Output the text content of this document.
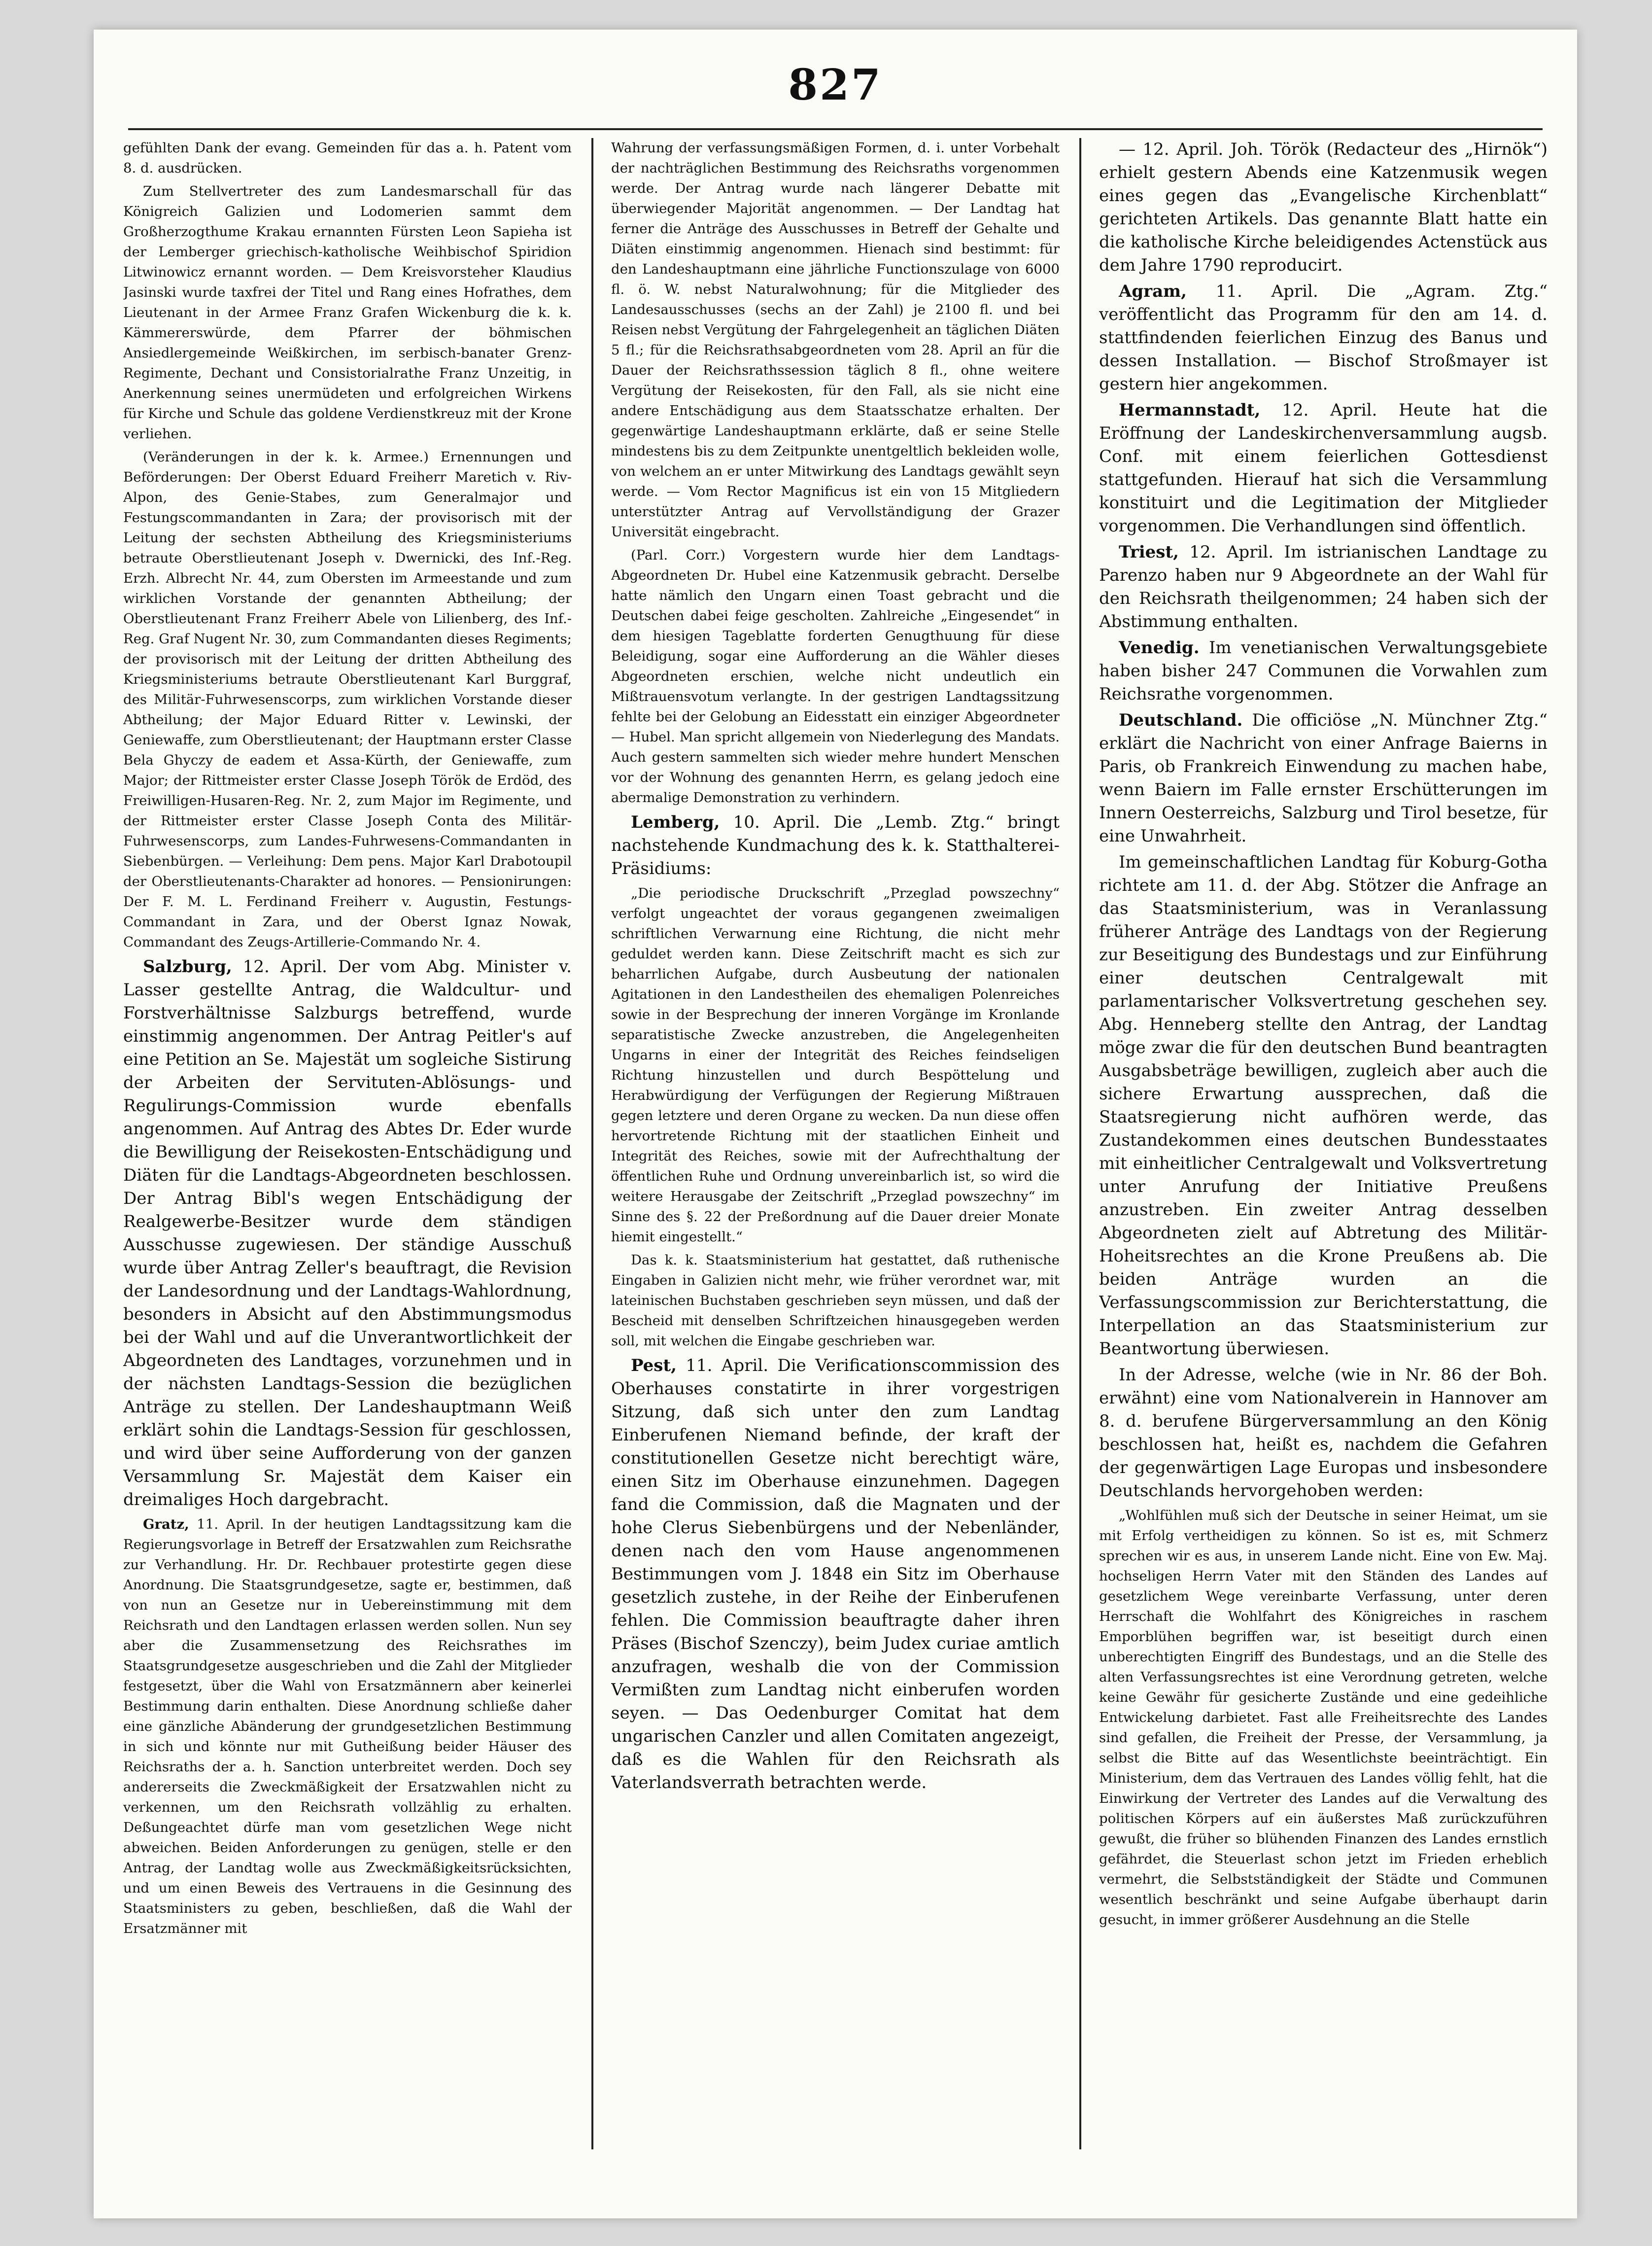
827

gefühlten Dank der evang. Gemeinden für das a. h. Patent vom 8. d. ausdrücken.

Zum Stellvertreter des zum Landesmarschall für das Königreich Galizien und Lodomerien sammt dem Großherzogthume Krakau ernannten Fürsten Leon Sapieha ist der Lemberger griechisch-katholische Weihbischof Spiridion Litwinowicz ernannt worden. — Dem Kreisvorsteher Klaudius Jasinski wurde taxfrei der Titel und Rang eines Hofrathes, dem Lieutenant in der Armee Franz Grafen Wickenburg die k. k. Kämmererswürde, dem Pfarrer der böhmischen Ansiedlergemeinde Weißkirchen, im serbisch-banater Grenz-Regimente, Dechant und Consistorialrathe Franz Unzeitig, in Anerkennung seines unermüdeten und erfolgreichen Wirkens für Kirche und Schule das goldene Verdienstkreuz mit der Krone verliehen.

(Veränderungen in der k. k. Armee.) Ernennungen und Beförderungen: Der Oberst Eduard Freiherr Maretich v. Riv-Alpon, des Genie-Stabes, zum Generalmajor und Festungscommandanten in Zara; der provisorisch mit der Leitung der sechsten Abtheilung des Kriegsministeriums betraute Oberstlieutenant Joseph v. Dwernicki, des Inf.-Reg. Erzh. Albrecht Nr. 44, zum Obersten im Armeestande und zum wirklichen Vorstande der genannten Abtheilung; der Oberstlieutenant Franz Freiherr Abele von Lilienberg, des Inf.-Reg. Graf Nugent Nr. 30, zum Commandanten dieses Regiments; der provisorisch mit der Leitung der dritten Abtheilung des Kriegsministeriums betraute Oberstlieutenant Karl Burggraf, des Militär-Fuhrwesenscorps, zum wirklichen Vorstande dieser Abtheilung; der Major Eduard Ritter v. Lewinski, der Geniewaffe, zum Oberstlieutenant; der Hauptmann erster Classe Bela Ghyczy de eadem et Assa-Kürth, der Geniewaffe, zum Major; der Rittmeister erster Classe Joseph Török de Erdöd, des Freiwilligen-Husaren-Reg. Nr. 2, zum Major im Regimente, und der Rittmeister erster Classe Joseph Conta des Militär-Fuhrwesenscorps, zum Landes-Fuhrwesens-Commandanten in Siebenbürgen. — Verleihung: Dem pens. Major Karl Drabotoupil der Oberstlieutenants-Charakter ad honores. — Pensionirungen: Der F. M. L. Ferdinand Freiherr v. Augustin, Festungs-Commandant in Zara, und der Oberst Ignaz Nowak, Commandant des Zeugs-Artillerie-Commando Nr. 4.

Salzburg, 12. April. Der vom Abg. Minister v. Lasser gestellte Antrag, die Waldcultur- und Forstverhältnisse Salzburgs betreffend, wurde einstimmig angenommen. Der Antrag Peitler's auf eine Petition an Se. Majestät um sogleiche Sistirung der Arbeiten der Servituten-Ablösungs- und Regulirungs-Commission wurde ebenfalls angenommen. Auf Antrag des Abtes Dr. Eder wurde die Bewilligung der Reisekosten-Entschädigung und Diäten für die Landtags-Abgeordneten beschlossen. Der Antrag Bibl's wegen Entschädigung der Realgewerbe-Besitzer wurde dem ständigen Ausschusse zugewiesen. Der ständige Ausschuß wurde über Antrag Zeller's beauftragt, die Revision der Landesordnung und der Landtags-Wahlordnung, besonders in Absicht auf den Abstimmungsmodus bei der Wahl und auf die Unverantwortlichkeit der Abgeordneten des Landtages, vorzunehmen und in der nächsten Landtags-Session die bezüglichen Anträge zu stellen. Der Landeshauptmann Weiß erklärt sohin die Landtags-Session für geschlossen, und wird über seine Aufforderung von der ganzen Versammlung Sr. Majestät dem Kaiser ein dreimaliges Hoch dargebracht.

Gratz, 11. April. In der heutigen Landtagssitzung kam die Regierungsvorlage in Betreff der Ersatzwahlen zum Reichsrathe zur Verhandlung. Hr. Dr. Rechbauer protestirte gegen diese Anordnung. Die Staatsgrundgesetze, sagte er, bestimmen, daß von nun an Gesetze nur in Uebereinstimmung mit dem Reichsrath und den Landtagen erlassen werden sollen. Nun sey aber die Zusammensetzung des Reichsrathes im Staatsgrundgesetze ausgeschrieben und die Zahl der Mitglieder festgesetzt, über die Wahl von Ersatzmännern aber keinerlei Bestimmung darin enthalten. Diese Anordnung schließe daher eine gänzliche Abänderung der grundgesetzlichen Bestimmung in sich und könnte nur mit Gutheißung beider Häuser des Reichsraths der a. h. Sanction unterbreitet werden. Doch sey andererseits die Zweckmäßigkeit der Ersatzwahlen nicht zu verkennen, um den Reichsrath vollzählig zu erhalten. Deßungeachtet dürfe man vom gesetzlichen Wege nicht abweichen. Beiden Anforderungen zu genügen, stelle er den Antrag, der Landtag wolle aus Zweckmäßigkeitsrücksichten, und um einen Beweis des Vertrauens in die Gesinnung des Staatsministers zu geben, beschließen, daß die Wahl der Ersatzmänner mit

Wahrung der verfassungsmäßigen Formen, d. i. unter Vorbehalt der nachträglichen Bestimmung des Reichsraths vorgenommen werde. Der Antrag wurde nach längerer Debatte mit überwiegender Majorität angenommen. — Der Landtag hat ferner die Anträge des Ausschusses in Betreff der Gehalte und Diäten einstimmig angenommen. Hienach sind bestimmt: für den Landeshauptmann eine jährliche Functionszulage von 6000 fl. ö. W. nebst Naturalwohnung; für die Mitglieder des Landesausschusses (sechs an der Zahl) je 2100 fl. und bei Reisen nebst Vergütung der Fahrgelegenheit an täglichen Diäten 5 fl.; für die Reichsrathsabgeordneten vom 28. April an für die Dauer der Reichsrathssession täglich 8 fl., ohne weitere Vergütung der Reisekosten, für den Fall, als sie nicht eine andere Entschädigung aus dem Staatsschatze erhalten. Der gegenwärtige Landeshauptmann erklärte, daß er seine Stelle mindestens bis zu dem Zeitpunkte unentgeltlich bekleiden wolle, von welchem an er unter Mitwirkung des Landtags gewählt seyn werde. — Vom Rector Magnificus ist ein von 15 Mitgliedern unterstützter Antrag auf Vervollständigung der Grazer Universität eingebracht.

(Parl. Corr.) Vorgestern wurde hier dem Landtags-Abgeordneten Dr. Hubel eine Katzenmusik gebracht. Derselbe hatte nämlich den Ungarn einen Toast gebracht und die Deutschen dabei feige gescholten. Zahlreiche „Eingesendet“ in dem hiesigen Tageblatte forderten Genugthuung für diese Beleidigung, sogar eine Aufforderung an die Wähler dieses Abgeordneten erschien, welche nicht undeutlich ein Mißtrauensvotum verlangte. In der gestrigen Landtagssitzung fehlte bei der Gelobung an Eidesstatt ein einziger Abgeordneter — Hubel. Man spricht allgemein von Niederlegung des Mandats. Auch gestern sammelten sich wieder mehre hundert Menschen vor der Wohnung des genannten Herrn, es gelang jedoch eine abermalige Demonstration zu verhindern.

Lemberg, 10. April. Die „Lemb. Ztg.“ bringt nachstehende Kundmachung des k. k. Statthalterei-Präsidiums:

„Die periodische Druckschrift „Przeglad powszechny“ verfolgt ungeachtet der voraus gegangenen zweimaligen schriftlichen Verwarnung eine Richtung, die nicht mehr geduldet werden kann. Diese Zeitschrift macht es sich zur beharrlichen Aufgabe, durch Ausbeutung der nationalen Agitationen in den Landestheilen des ehemaligen Polenreiches sowie in der Besprechung der inneren Vorgänge im Kronlande separatistische Zwecke anzustreben, die Angelegenheiten Ungarns in einer der Integrität des Reiches feindseligen Richtung hinzustellen und durch Bespöttelung und Herabwürdigung der Verfügungen der Regierung Mißtrauen gegen letztere und deren Organe zu wecken. Da nun diese offen hervortretende Richtung mit der staatlichen Einheit und Integrität des Reiches, sowie mit der Aufrechthaltung der öffentlichen Ruhe und Ordnung unvereinbarlich ist, so wird die weitere Herausgabe der Zeitschrift „Przeglad powszechny“ im Sinne des §. 22 der Preßordnung auf die Dauer dreier Monate hiemit eingestellt.“

Das k. k. Staatsministerium hat gestattet, daß ruthenische Eingaben in Galizien nicht mehr, wie früher verordnet war, mit lateinischen Buchstaben geschrieben seyn müssen, und daß der Bescheid mit denselben Schriftzeichen hinausgegeben werden soll, mit welchen die Eingabe geschrieben war.

Pest, 11. April. Die Verificationscommission des Oberhauses constatirte in ihrer vorgestrigen Sitzung, daß sich unter den zum Landtag Einberufenen Niemand befinde, der kraft der constitutionellen Gesetze nicht berechtigt wäre, einen Sitz im Oberhause einzunehmen. Dagegen fand die Commission, daß die Magnaten und der hohe Clerus Siebenbürgens und der Nebenländer, denen nach den vom Hause angenommenen Bestimmungen vom J. 1848 ein Sitz im Oberhause gesetzlich zustehe, in der Reihe der Einberufenen fehlen. Die Commission beauftragte daher ihren Präses (Bischof Szenczy), beim Judex curiae amtlich anzufragen, weshalb die von der Commission Vermißten zum Landtag nicht einberufen worden seyen. — Das Oedenburger Comitat hat dem ungarischen Canzler und allen Comitaten angezeigt, daß es die Wahlen für den Reichsrath als Vaterlandsverrath betrachten werde.

— 12. April. Joh. Török (Redacteur des „Hirnök“) erhielt gestern Abends eine Katzenmusik wegen eines gegen das „Evangelische Kirchenblatt“ gerichteten Artikels. Das genannte Blatt hatte ein die katholische Kirche beleidigendes Actenstück aus dem Jahre 1790 reproducirt.

Agram, 11. April. Die „Agram. Ztg.“ veröffentlicht das Programm für den am 14. d. stattfindenden feierlichen Einzug des Banus und dessen Installation. — Bischof Stroßmayer ist gestern hier angekommen.

Hermannstadt, 12. April. Heute hat die Eröffnung der Landeskirchenversammlung augsb. Conf. mit einem feierlichen Gottesdienst stattgefunden. Hierauf hat sich die Versammlung konstituirt und die Legitimation der Mitglieder vorgenommen. Die Verhandlungen sind öffentlich.

Triest, 12. April. Im istrianischen Landtage zu Parenzo haben nur 9 Abgeordnete an der Wahl für den Reichsrath theilgenommen; 24 haben sich der Abstimmung enthalten.

Venedig. Im venetianischen Verwaltungsgebiete haben bisher 247 Communen die Vorwahlen zum Reichsrathe vorgenommen.

Deutschland. Die officiöse „N. Münchner Ztg.“ erklärt die Nachricht von einer Anfrage Baierns in Paris, ob Frankreich Einwendung zu machen habe, wenn Baiern im Falle ernster Erschütterungen im Innern Oesterreichs, Salzburg und Tirol besetze, für eine Unwahrheit.

Im gemeinschaftlichen Landtag für Koburg-Gotha richtete am 11. d. der Abg. Stötzer die Anfrage an das Staatsministerium, was in Veranlassung früherer Anträge des Landtags von der Regierung zur Beseitigung des Bundestags und zur Einführung einer deutschen Centralgewalt mit parlamentarischer Volksvertretung geschehen sey. Abg. Henneberg stellte den Antrag, der Landtag möge zwar die für den deutschen Bund beantragten Ausgabsbeträge bewilligen, zugleich aber auch die sichere Erwartung aussprechen, daß die Staatsregierung nicht aufhören werde, das Zustandekommen eines deutschen Bundesstaates mit einheitlicher Centralgewalt und Volksvertretung unter Anrufung der Initiative Preußens anzustreben. Ein zweiter Antrag desselben Abgeordneten zielt auf Abtretung des Militär-Hoheitsrechtes an die Krone Preußens ab. Die beiden Anträge wurden an die Verfassungscommission zur Berichterstattung, die Interpellation an das Staatsministerium zur Beantwortung überwiesen.

In der Adresse, welche (wie in Nr. 86 der Boh. erwähnt) eine vom Nationalverein in Hannover am 8. d. berufene Bürgerversammlung an den König beschlossen hat, heißt es, nachdem die Gefahren der gegenwärtigen Lage Europas und insbesondere Deutschlands hervorgehoben werden:

„Wohlfühlen muß sich der Deutsche in seiner Heimat, um sie mit Erfolg vertheidigen zu können. So ist es, mit Schmerz sprechen wir es aus, in unserem Lande nicht. Eine von Ew. Maj. hochseligen Herrn Vater mit den Ständen des Landes auf gesetzlichem Wege vereinbarte Verfassung, unter deren Herrschaft die Wohlfahrt des Königreiches in raschem Emporblühen begriffen war, ist beseitigt durch einen unberechtigten Eingriff des Bundestags, und an die Stelle des alten Verfassungsrechtes ist eine Verordnung getreten, welche keine Gewähr für gesicherte Zustände und eine gedeihliche Entwickelung darbietet. Fast alle Freiheitsrechte des Landes sind gefallen, die Freiheit der Presse, der Versammlung, ja selbst die Bitte auf das Wesentlichste beeinträchtigt. Ein Ministerium, dem das Vertrauen des Landes völlig fehlt, hat die Einwirkung der Vertreter des Landes auf die Verwaltung des politischen Körpers auf ein äußerstes Maß zurückzuführen gewußt, die früher so blühenden Finanzen des Landes ernstlich gefährdet, die Steuerlast schon jetzt im Frieden erheblich vermehrt, die Selbstständigkeit der Städte und Communen wesentlich beschränkt und seine Aufgabe überhaupt darin gesucht, in immer größerer Ausdehnung an die Stelle
